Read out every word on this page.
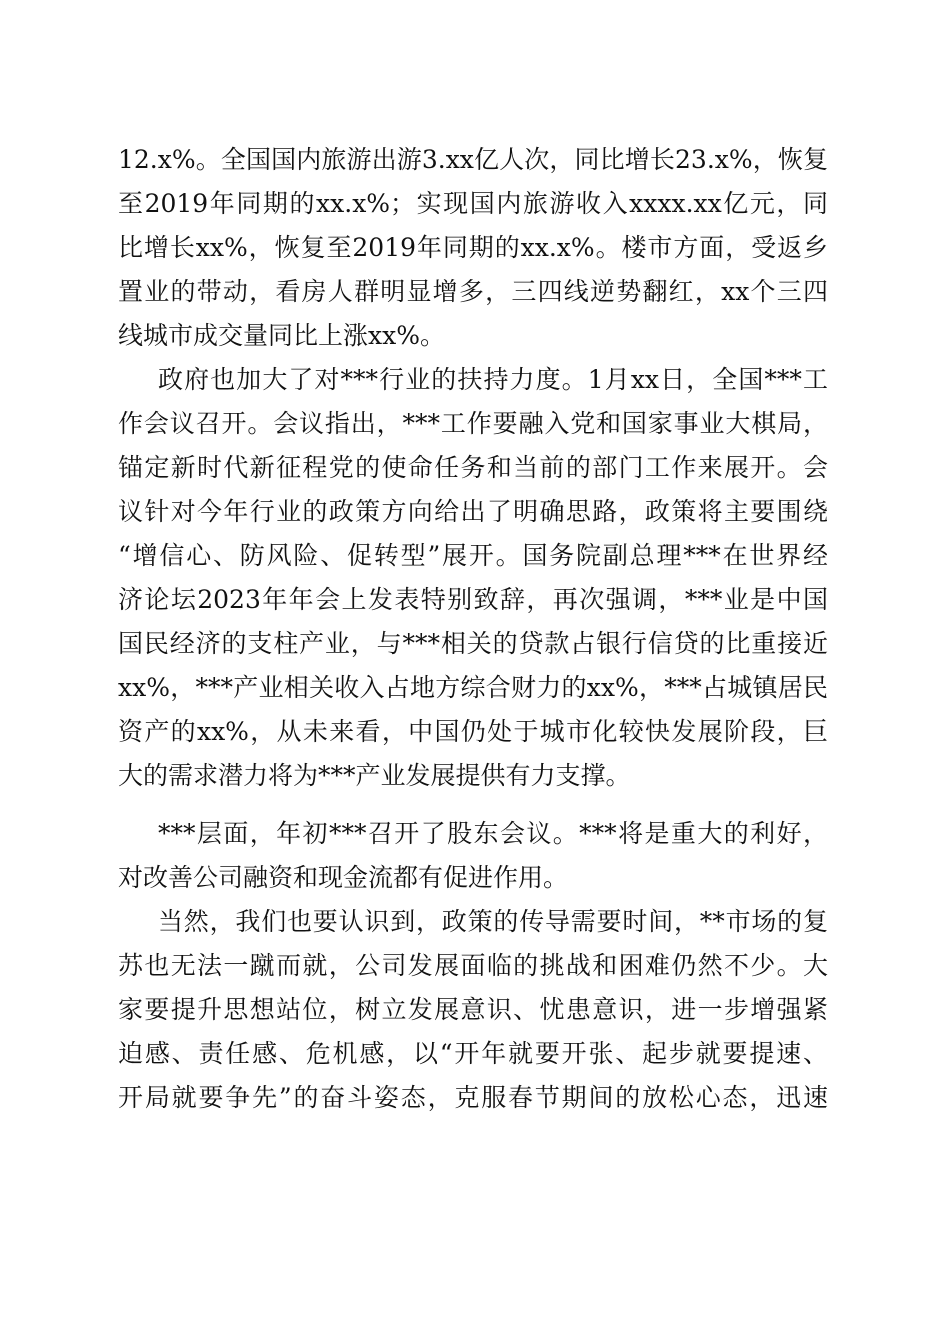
12.x%。全国国内旅游出游3.xx亿人次，同比增长23.x%，恢复
至2019年同期的xx.x%；实现国内旅游收入xxxx.xx亿元，同
比增长xx%，恢复至2019年同期的xx.x%。楼市方面，受返乡
置业的带动，看房人群明显增多，三四线逆势翻红，xx个三四
线城市成交量同比上涨xx%。
政府也加大了对***行业的扶持力度。1月xx日，全国***工
作会议召开。会议指出，***工作要融入党和国家事业大棋局，
锚定新时代新征程党的使命任务和当前的部门工作来展开。会
议针对今年行业的政策方向给出了明确思路，政策将主要围绕
“增信心、防风险、促转型”展开。国务院副总理***在世界经
济论坛2023年年会上发表特别致辞，再次强调，***业是中国
国民经济的支柱产业，与***相关的贷款占银行信贷的比重接近
xx%，***产业相关收入占地方综合财力的xx%，***占城镇居民
资产的xx%，从未来看，中国仍处于城市化较快发展阶段，巨
大的需求潜力将为***产业发展提供有力支撑。
***层面，年初***召开了股东会议。***将是重大的利好，
对改善公司融资和现金流都有促进作用。
当然，我们也要认识到，政策的传导需要时间，**市场的复
苏也无法一蹴而就，公司发展面临的挑战和困难仍然不少。大
家要提升思想站位，树立发展意识、忧患意识，进一步增强紧
迫感、责任感、危机感，以“开年就要开张、起步就要提速、
开局就要争先”的奋斗姿态，克服春节期间的放松心态，迅速
